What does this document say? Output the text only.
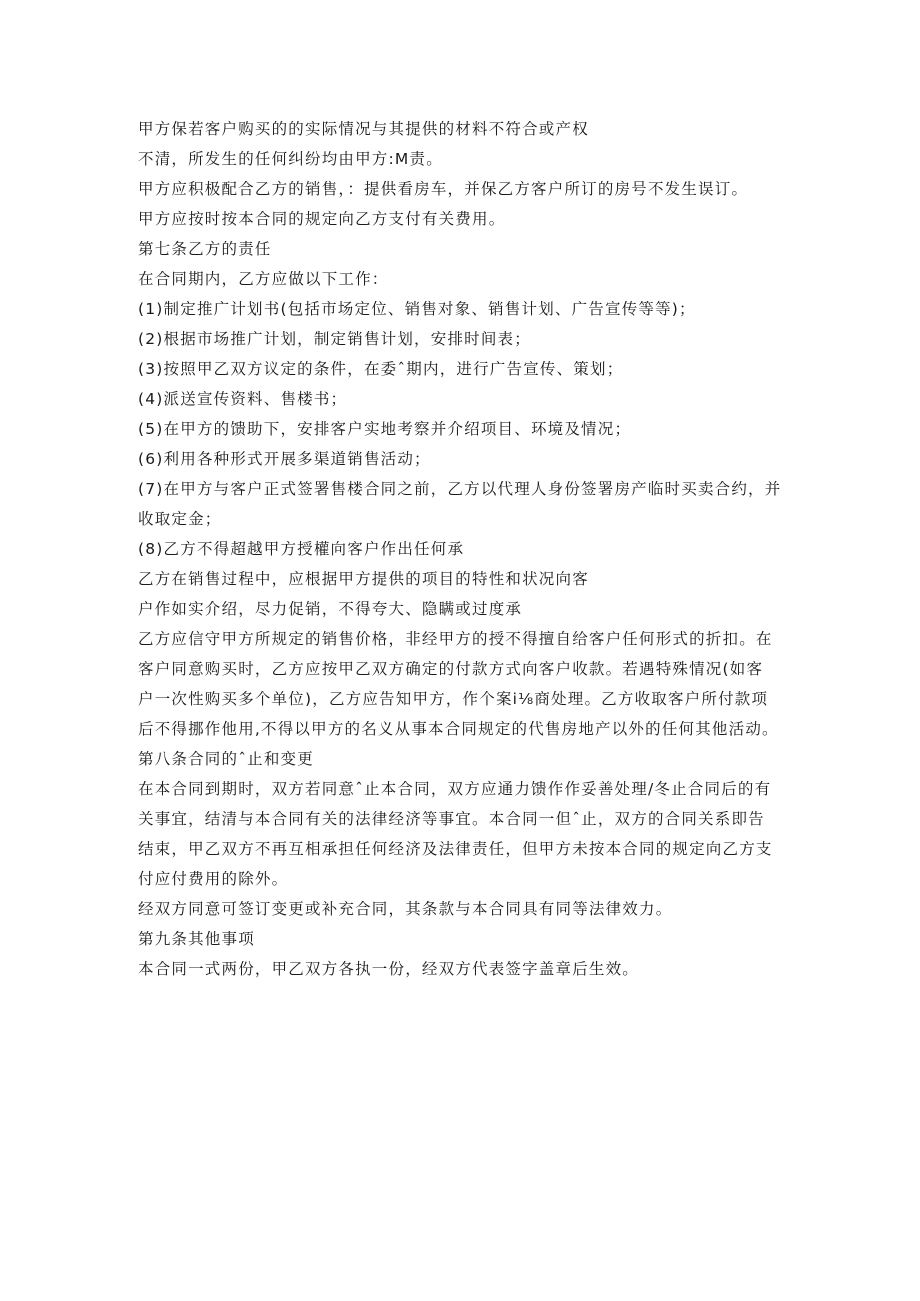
甲方保若客户购买的的实际情况与其提供的材料不符合或产权
不清，所发生的任何纠纷均由甲方:M责。
甲方应积极配合乙方的销售，：提供看房车，并保乙方客户所订的房号不发生误订。
甲方应按时按本合同的规定向乙方支付有关费用。
第七条乙方的责任
在合同期内，乙方应做以下工作：
(1)制定推广计划书(包括市场定位、销售对象、销售计划、广告宣传等等)；
(2)根据市场推广计划，制定销售计划，安排时间表；
(3)按照甲乙双方议定的条件，在委ˆ期内，进行广告宣传、策划；
(4)派送宣传资料、售楼书；
(5)在甲方的馈助下，安排客户实地考察并介绍项目、环境及情况；
(6)利用各种形式开展多渠道销售活动；
(7)在甲方与客户正式签署售楼合同之前，乙方以代理人身份签署房产临时买卖合约，并
收取定金；
(8)乙方不得超越甲方授權向客户作出任何承
乙方在销售过程中，应根据甲方提供的项目的特性和状况向客
户作如实介绍，尽力促销，不得夸大、隐瞒或过度承
乙方应信守甲方所规定的销售价格，非经甲方的授不得擅自给客户任何形式的折扣。在
客户同意购买时，乙方应按甲乙双方确定的付款方式向客户收款。若遇特殊情况(如客
户一次性购买多个单位)，乙方应告知甲方，作个案i⅛商处理。乙方收取客户所付款项
后不得挪作他用,不得以甲方的名义从事本合同规定的代售房地产以外的任何其他活动。
第八条合同的ˆ止和变更
在本合同到期时，双方若同意ˆ止本合同，双方应通力馈作作妥善处理/冬止合同后的有
关事宜，结清与本合同有关的法律经济等事宜。本合同一但ˆ止，双方的合同关系即告
结束，甲乙双方不再互相承担任何经济及法律责任，但甲方未按本合同的规定向乙方支
付应付费用的除外。
经双方同意可签订变更或补充合同，其条款与本合同具有同等法律效力。
第九条其他事项
本合同一式两份，甲乙双方各执一份，经双方代表签字盖章后生效。
